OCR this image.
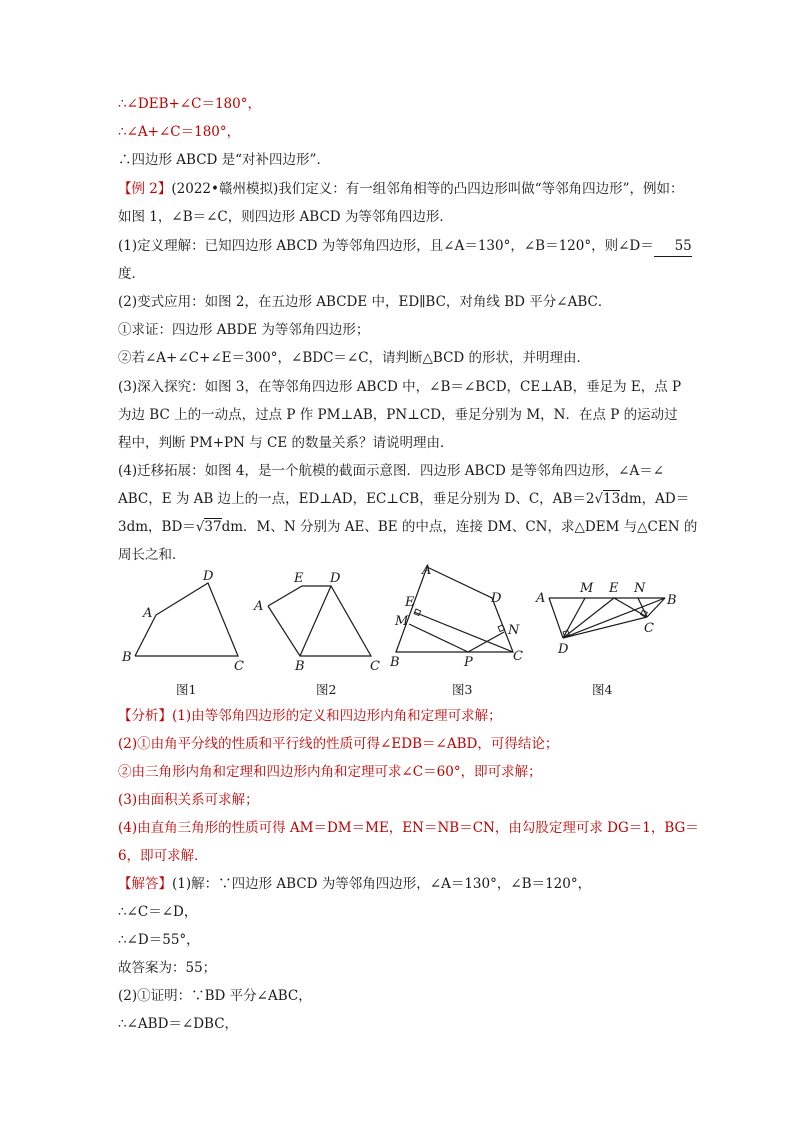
∴∠DEB+∠C＝180°，
∴∠A+∠C＝180°，
∴四边形 ABCD 是“对补四边形”．
【例 2】(2022•赣州模拟)我们定义：有一组邻角相等的凸四边形叫做“等邻角四边形”，例如：
如图 1，∠B＝∠C，则四边形 ABCD 为等邻角四边形．
(1)定义理解：已知四边形 ABCD 为等邻角四边形，且∠A＝130°，∠B＝120°，则∠D＝ 55
度．
(2)变式应用：如图 2，在五边形 ABCDE 中，ED∥BC，对角线 BD 平分∠ABC．
①求证：四边形 ABDE 为等邻角四边形；
②若∠A+∠C+∠E＝300°，∠BDC＝∠C，请判断△BCD 的形状，并明理由．
(3)深入探究：如图 3，在等邻角四边形 ABCD 中，∠B＝∠BCD，CE⊥AB，垂足为 E，点 P
为边 BC 上的一动点，过点 P 作 PM⊥AB，PN⊥CD，垂足分别为 M，N．在点 P 的运动过
程中，判断 PM+PN 与 CE 的数量关系？请说明理由．
(4)迁移拓展：如图 4，是一个航模的截面示意图．四边形 ABCD 是等邻角四边形，∠A＝∠
ABC，E 为 AB 边上的一点，ED⊥AD，EC⊥CB，垂足分别为 D、C，AB＝2√13dm，AD＝
3dm，BD＝√37dm．M、N 分别为 AE、BE 的中点，连接 DM、CN，求△DEM 与△CEN 的
周长之和．
A
B
C
D
图1
A
B	C
D
E
图2
A
B	C
D
E
M
N
P
图3
A
M E N
B
C
D
图4
【分析】(1)由等邻角四边形的定义和四边形内角和定理可求解；
(2)①由角平分线的性质和平行线的性质可得∠EDB＝∠ABD，可得结论；
②由三角形内角和定理和四边形内角和定理可求∠C＝60°，即可求解；
(3)由面积关系可求解；
(4)由直角三角形的性质可得 AM＝DM＝ME，EN＝NB＝CN，由勾股定理可求 DG＝1，BG＝
6，即可求解．
【解答】(1)解：∵四边形 ABCD 为等邻角四边形，∠A＝130°，∠B＝120°，
∴∠C＝∠D，
∴∠D＝55°，
故答案为：55；
(2)①证明：∵BD 平分∠ABC，
∴∠ABD＝∠DBC，
